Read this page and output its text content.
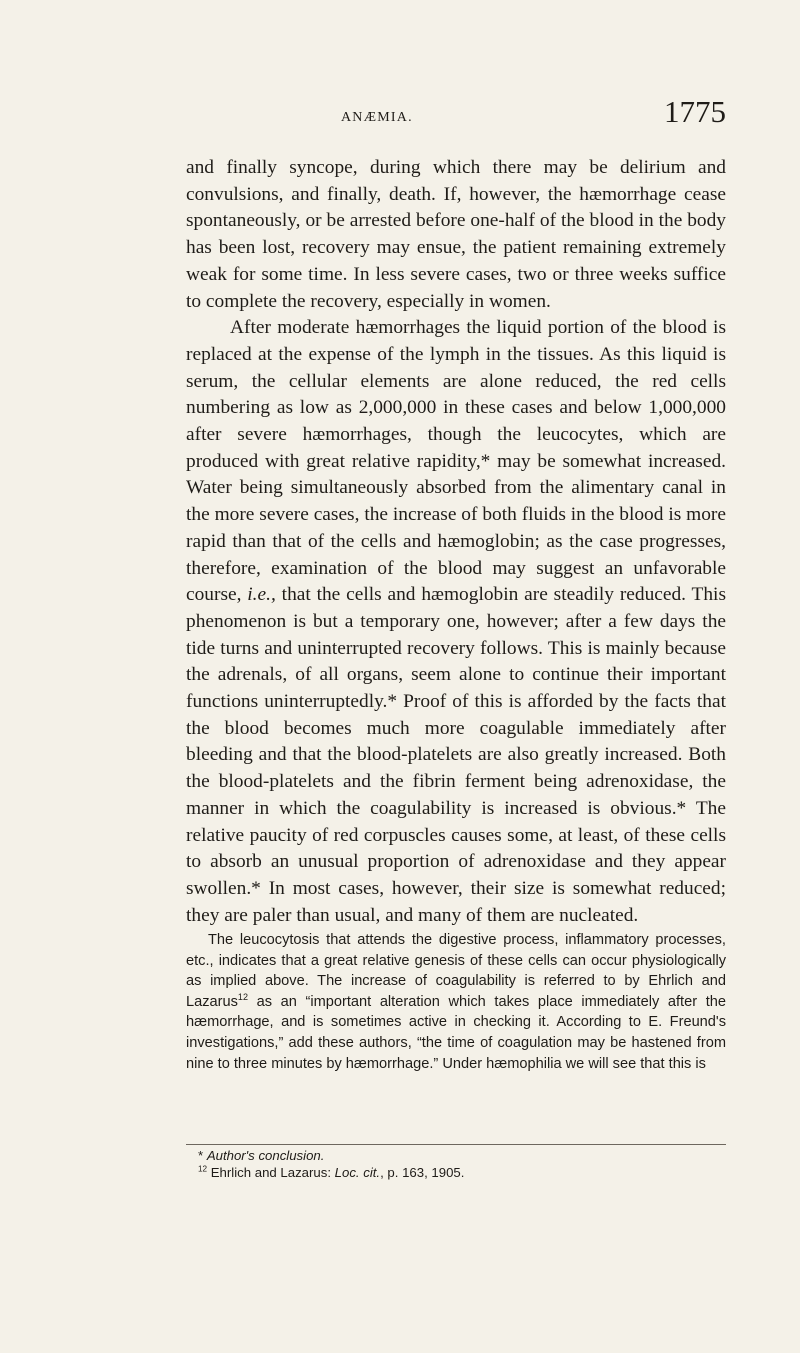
ANÆMIA.	1775

and finally syncope, during which there may be delirium and convulsions, and finally, death. If, however, the hæmorrhage cease spontaneously, or be arrested before one-half of the blood in the body has been lost, recovery may ensue, the patient remaining extremely weak for some time. In less severe cases, two or three weeks suffice to complete the recovery, especially in women.

After moderate hæmorrhages the liquid portion of the blood is replaced at the expense of the lymph in the tissues. As this liquid is serum, the cellular elements are alone reduced, the red cells numbering as low as 2,000,000 in these cases and below 1,000,000 after severe hæmorrhages, though the leucocytes, which are produced with great relative rapidity,* may be somewhat increased. Water being simultaneously absorbed from the alimentary canal in the more severe cases, the increase of both fluids in the blood is more rapid than that of the cells and hæmoglobin; as the case progresses, therefore, examination of the blood may suggest an unfavorable course, i.e., that the cells and hæmoglobin are steadily reduced. This phenomenon is but a temporary one, however; after a few days the tide turns and uninterrupted recovery follows. This is mainly because the adrenals, of all organs, seem alone to continue their important functions uninterruptedly.* Proof of this is afforded by the facts that the blood becomes much more coagulable immediately after bleeding and that the blood-platelets are also greatly increased. Both the blood-platelets and the fibrin ferment being adrenoxidase, the manner in which the coagulability is increased is obvious.* The relative paucity of red corpuscles causes some, at least, of these cells to absorb an unusual proportion of adrenoxidase and they appear swollen.* In most cases, however, their size is somewhat reduced; they are paler than usual, and many of them are nucleated.

The leucocytosis that attends the digestive process, inflammatory processes, etc., indicates that a great relative genesis of these cells can occur physiologically as implied above. The increase of coagulability is referred to by Ehrlich and Lazarus$^{12}$ as an “important alteration which takes place immediately after the hæmorrhage, and is sometimes active in checking it. According to E. Freund's investigations,” add these authors, “the time of coagulation may be hastened from nine to three minutes by hæmorrhage.” Under hæmophilia we will see that this is

* Author's conclusion.
$^{12}$ Ehrlich and Lazarus: Loc. cit., p. 163, 1905.
